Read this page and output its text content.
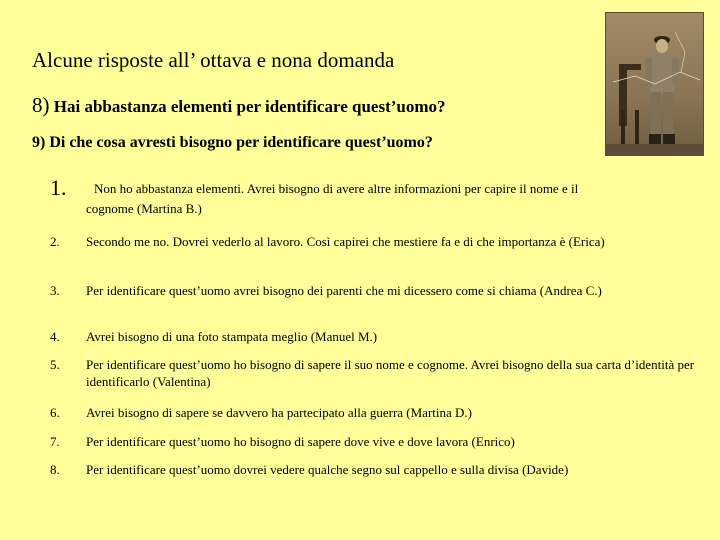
Alcune risposte all’ ottava e nona domanda
8) Hai abbastanza elementi per identificare quest’uomo?
9) Di che cosa avresti bisogno per identificare quest’uomo?
1. Non ho abbastanza elementi. Avrei bisogno di avere altre informazioni per capire il nome e il
cognome (Martina B.)
2. Secondo me no. Dovrei vederlo al lavoro. Così capirei che mestiere fa e di che importanza è (Erica)
3. Per identificare quest’uomo avrei bisogno dei parenti che mi dicessero come si chiama (Andrea C.)
4. Avrei bisogno di una foto stampata meglio (Manuel M.)
5. Per identificare quest’uomo ho bisogno di sapere il suo nome e cognome. Avrei bisogno della sua carta d’identità per identificarlo (Valentina)
6. Avrei bisogno di sapere se davvero ha partecipato alla guerra (Martina D.)
7. Per identificare quest’uomo ho bisogno di sapere dove vive e dove lavora (Enrico)
8. Per identificare quest’uomo dovrei vedere qualche segno sul cappello e sulla divisa (Davide)
